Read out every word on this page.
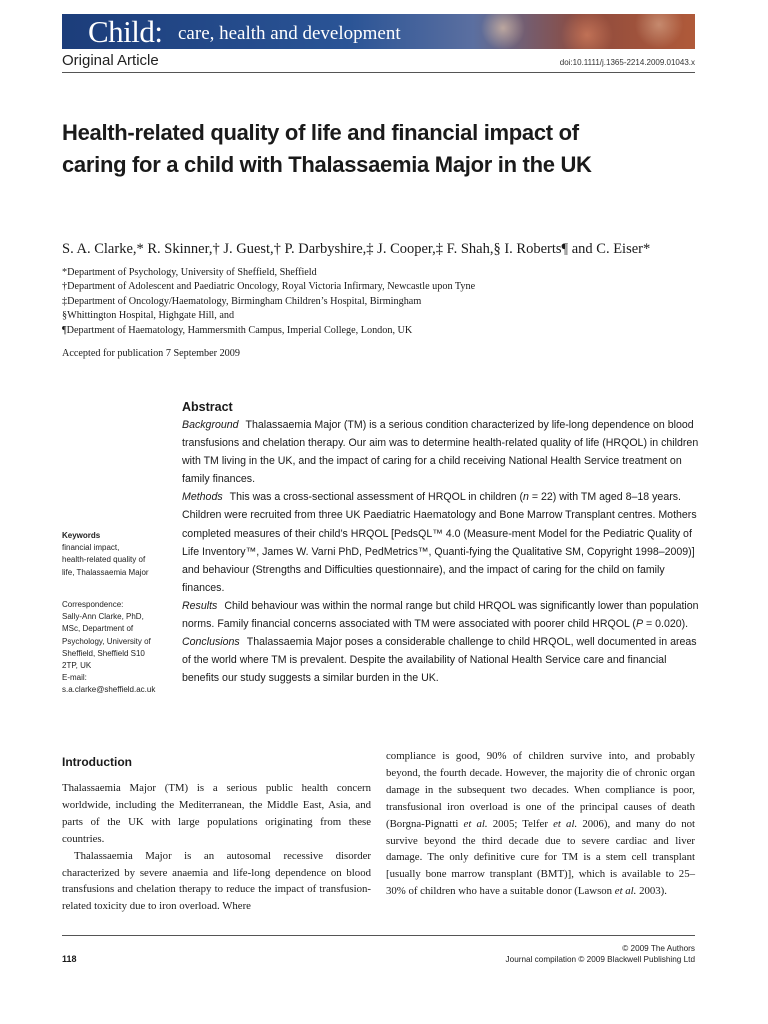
Child: care, health and development
Original Article	doi:10.1111/j.1365-2214.2009.01043.x
Health-related quality of life and financial impact of
caring for a child with Thalassaemia Major in the UK
S. A. Clarke,* R. Skinner,† J. Guest,† P. Darbyshire,‡ J. Cooper,‡ F. Shah,§ I. Roberts¶ and C. Eiser*
*Department of Psychology, University of Sheffield, Sheffield
†Department of Adolescent and Paediatric Oncology, Royal Victoria Infirmary, Newcastle upon Tyne
‡Department of Oncology/Haematology, Birmingham Children’s Hospital, Birmingham
§Whittington Hospital, Highgate Hill, and
¶Department of Haematology, Hammersmith Campus, Imperial College, London, UK
Accepted for publication 7 September 2009
Keywords
financial impact,
health-related quality of
life, Thalassaemia Major
Correspondence:
Sally-Ann Clarke, PhD,
MSc, Department of
Psychology, University of
Sheffield, Sheffield S10
2TP, UK
E-mail:
s.a.clarke@sheffield.ac.uk
Abstract

Background Thalassaemia Major (TM) is a serious condition characterized by life-long dependence on blood transfusions and chelation therapy. Our aim was to determine health-related quality of life (HRQOL) in children with TM living in the UK, and the impact of caring for a child receiving National Health Service treatment on family finances.

Methods This was a cross-sectional assessment of HRQOL in children (n = 22) with TM aged 8–18 years. Children were recruited from three UK Paediatric Haematology and Bone Marrow Transplant centres. Mothers completed measures of their child’s HRQOL [PedsQL™ 4.0 (Measure-ment Model for the Pediatric Quality of Life Inventory™, James W. Varni PhD, PedMetrics™, Quanti-fying the Qualitative SM, Copyright 1998–2009)] and behaviour (Strengths and Difficulties questionnaire), and the impact of caring for the child on family finances.

Results Child behaviour was within the normal range but child HRQOL was significantly lower than population norms. Family financial concerns associated with TM were associated with poorer child HRQOL (P = 0.020).

Conclusions Thalassaemia Major poses a considerable challenge to child HRQOL, well documented in areas of the world where TM is prevalent. Despite the availability of National Health Service care and financial benefits our study suggests a similar burden in the UK.

Introduction

Thalassaemia Major (TM) is a serious public health concern worldwide, including the Mediterranean, the Middle East, Asia, and parts of the UK with large populations originating from these countries.

Thalassaemia Major is an autosomal recessive disorder characterized by severe anaemia and life-long dependence on blood transfusions and chelation therapy to reduce the impact of transfusion-related toxicity due to iron overload. Where

compliance is good, 90% of children survive into, and probably beyond, the fourth decade. However, the majority die of chronic organ damage in the subsequent two decades. When compliance is poor, transfusional iron overload is one of the principal causes of death (Borgna-Pignatti et al. 2005; Telfer et al. 2006), and many do not survive beyond the third decade due to severe cardiac and liver damage. The only definitive cure for TM is a stem cell transplant [usually bone marrow transplant (BMT)], which is available to 25–30% of children who have a suitable donor (Lawson et al. 2003).

© 2009 The Authors
Journal compilation © 2009 Blackwell Publishing Ltd
118
